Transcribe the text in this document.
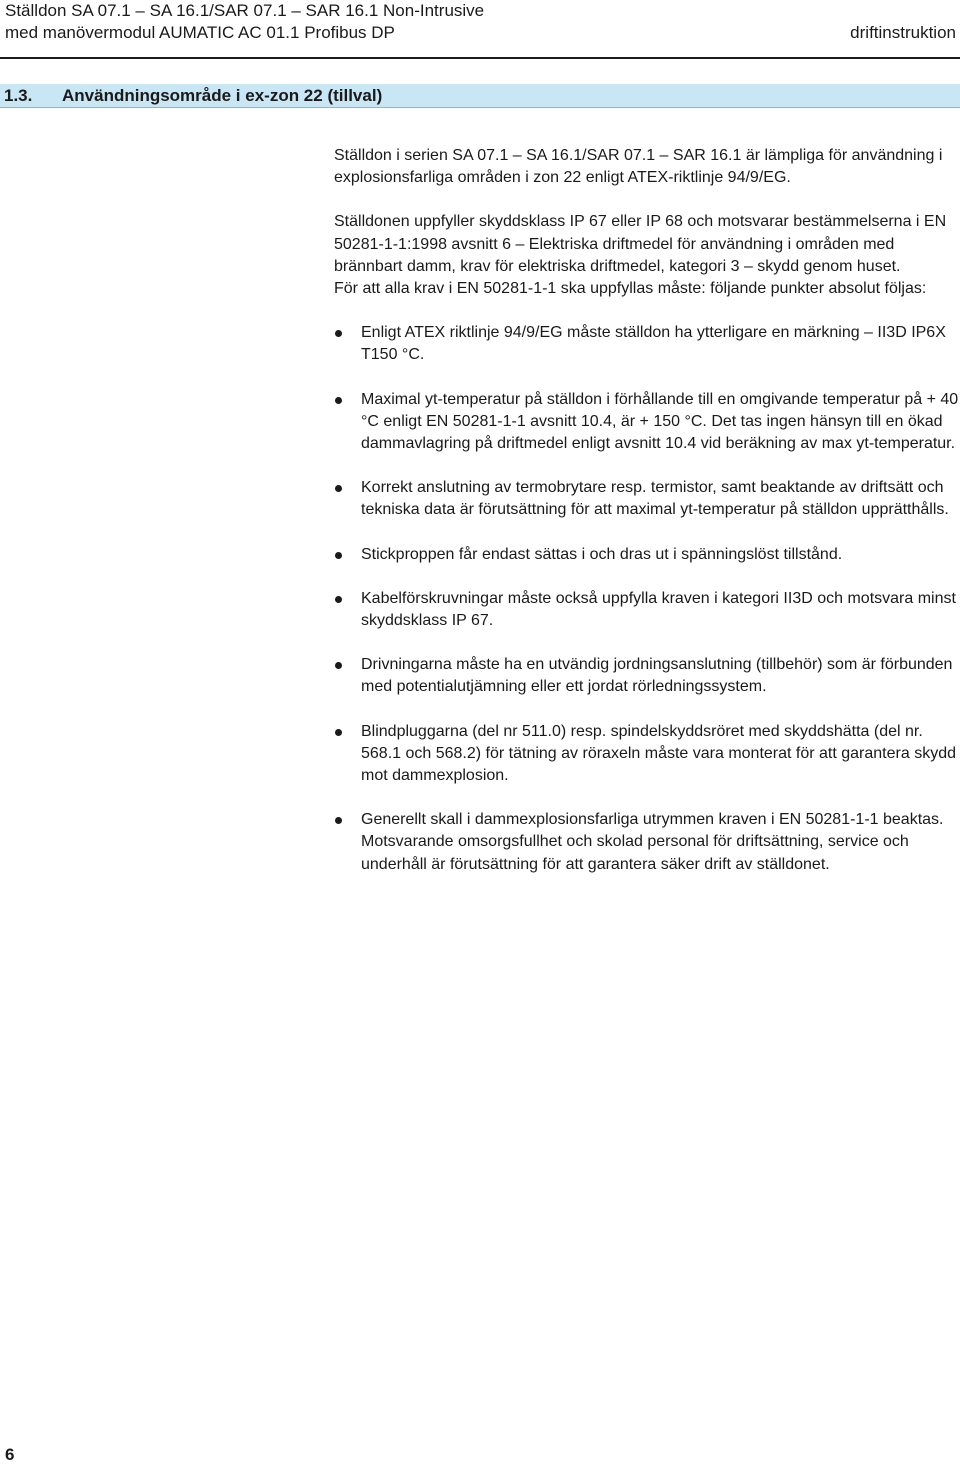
Ställdon SA 07.1 – SA 16.1/SAR 07.1 – SAR 16.1 Non-Intrusive
med manövermodul AUMATIC AC 01.1 Profibus DP	driftinstruktion
1.3. Användningsområde i ex-zon 22 (tillval)

Ställdon i serien SA 07.1 – SA 16.1/SAR 07.1 – SAR 16.1 är lämpliga för användning i explosionsfarliga områden i zon 22 enligt ATEX-riktlinje 94/9/EG.

Ställdonen uppfyller skyddsklass IP 67 eller IP 68 och motsvarar bestämmelserna i EN 50281-1-1:1998 avsnitt 6 – Elektriska driftmedel för användning i områden med brännbart damm, krav för elektriska driftmedel, kategori 3 – skydd genom huset.

För att alla krav i EN 50281-1-1 ska uppfyllas måste: följande punkter absolut följas:

Enligt ATEX riktlinje 94/9/EG måste ställdon ha ytterligare en märkning – II3D IP6X T150 °C.
Maximal yt-temperatur på ställdon i förhållande till en omgivande temperatur på + 40 °C enligt EN 50281-1-1 avsnitt 10.4, är + 150 °C. Det tas ingen hänsyn till en ökad dammavlagring på driftmedel enligt avsnitt 10.4 vid beräkning av max yt-temperatur.
Korrekt anslutning av termobrytare resp. termistor, samt beaktande av driftsätt och tekniska data är förutsättning för att maximal yt-temperatur på ställdon upprätthålls.
Stickproppen får endast sättas i och dras ut i spänningslöst tillstånd.
Kabelförskruvningar måste också uppfylla kraven i kategori II3D och motsvara minst skyddsklass IP 67.
Drivningarna måste ha en utvändig jordningsanslutning (tillbehör) som är förbunden med potentialutjämning eller ett jordat rörledningssystem.
Blindpluggarna (del nr 511.0) resp. spindelskyddsröret med skyddshätta (del nr. 568.1 och 568.2) för tätning av röraxeln måste vara monterat för att garantera skydd mot dammexplosion.
Generellt skall i dammexplosionsfarliga utrymmen kraven i EN 50281-1-1 beaktas. Motsvarande omsorgsfullhet och skolad personal för driftsättning, service och underhåll är förutsättning för att garantera säker drift av ställdonet.
6
